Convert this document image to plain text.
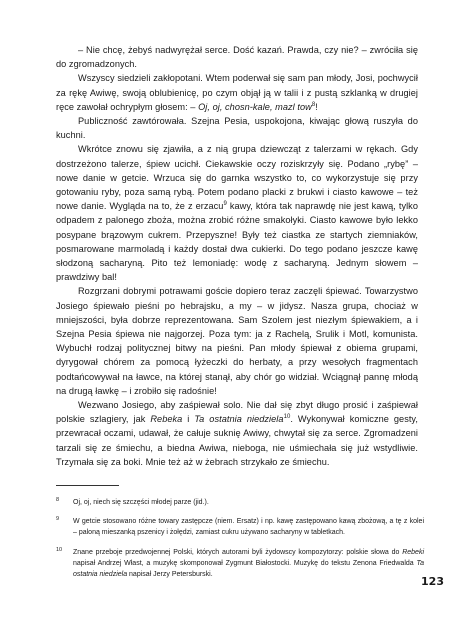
– Nie chcę, żebyś nadwyrężał serce. Dość kazań. Prawda, czy nie? – zwróciła się do zgromadzonych.

Wszyscy siedzieli zakłopotani. Wtem poderwał się sam pan młody, Josi, pochwycił za rękę Awiwę, swoją oblubienicę, po czym objął ją w talii i z pustą szklanką w drugiej ręce zawołał ochrypłym głosem: – Oj, oj, chosn-kale, mazl tow$^8$!

Publiczność zawtórowała. Szejna Pesia, uspokojona, kiwając głową ruszyła do kuchni.

Wkrótce znowu się zjawiła, a z nią grupa dziewcząt z talerzami w rękach. Gdy dostrzeżono talerze, śpiew ucichł. Ciekawskie oczy roziskrzyły się. Podano „rybę” – nowe danie w getcie. Wrzuca się do garnka wszystko to, co wykorzystuje się przy gotowaniu ryby, poza samą rybą. Potem podano placki z brukwi i ciasto kawowe – też nowe danie. Wygląda na to, że z erzacu$^9$ kawy, która tak naprawdę nie jest kawą, tylko odpadem z palonego zboża, można zrobić różne smakołyki. Ciasto kawowe było lekko posypane brązowym cukrem. Przepyszne! Były też ciastka ze startych ziemniaków, posmarowane marmoladą i każdy dostał dwa cukierki. Do tego podano jeszcze kawę słodzoną sacharyną. Pito też lemoniadę: wodę z sacharyną. Jednym słowem – prawdziwy bal!

Rozgrzani dobrymi potrawami goście dopiero teraz zaczęli śpiewać. Towarzystwo Josiego śpiewało pieśni po hebrajsku, a my – w jidysz. Nasza grupa, chociaż w mniejszości, była dobrze reprezentowana. Sam Szolem jest niezłym śpiewakiem, a i Szejna Pesia śpiewa nie najgorzej. Poza tym: ja z Rachelą, Srulik i Motl, komunista. Wybuchł rodzaj politycznej bitwy na pieśni. Pan młody śpiewał z obiema grupami, dyrygował chórem za pomocą łyżeczki do herbaty, a przy wesołych fragmentach podtańcowywał na ławce, na której stanął, aby chór go widział. Wciągnął pannę młodą na drugą ławkę – i zrobiło się radośnie!

Wezwano Josiego, aby zaśpiewał solo. Nie dał się zbyt długo prosić i zaśpiewał polskie szlagiery, jak Rebeka i Ta ostatnia niedziela$^{10}$. Wykonywał komiczne gesty, przewracał oczami, udawał, że całuje suknię Awiwy, chwytał się za serce. Zgromadzeni tarzali się ze śmiechu, a biedna Awiwa, nieboga, nie uśmiechała się już wstydliwie. Trzymała się za boki. Mnie też aż w żebrach strzykało ze śmiechu.

8 Oj, oj, niech się szczęści młodej parze (jid.).
9 W getcie stosowano różne towary zastępcze (niem. Ersatz) i np. kawę zastępowano kawą zbożową, a tę z kolei – paloną mieszanką pszenicy i żołędzi, zamiast cukru używano sacharyny w tabletkach.
10 Znane przeboje przedwojennej Polski, których autorami byli żydowscy kompozytorzy: polskie słowa do Rebeki napisał Andrzej Włast, a muzykę skomponował Zygmunt Białostocki. Muzykę do tekstu Zenona Friedwalda Ta ostatnia niedziela napisał Jerzy Petersburski.
123
